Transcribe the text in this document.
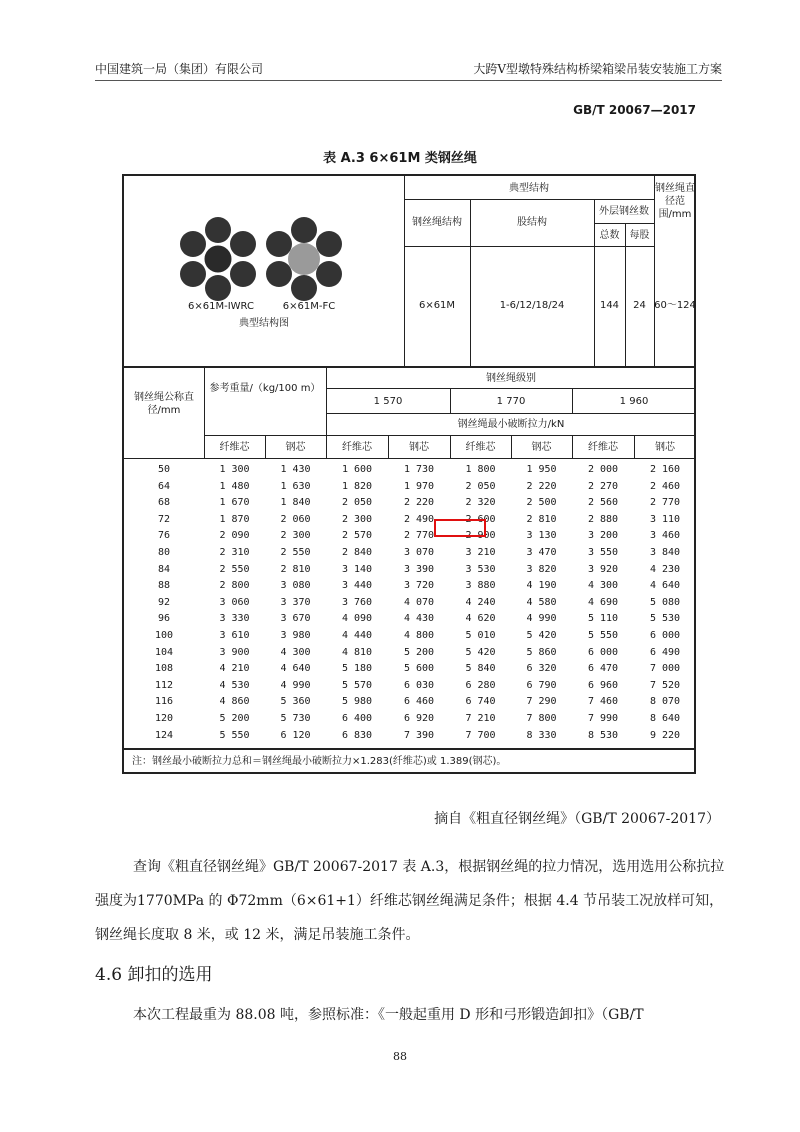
中国建筑一局（集团）有限公司	大跨V型墩特殊结构桥梁箱梁吊装安装施工方案
GB/T 20067—2017
表 A.3 6×61M 类钢丝绳
6×61M-IWRC	6×61M-FC
典型结构图
典型结构
钢丝绳结构	股结构
外层钢丝数
总数	每股
钢丝绳直径范围/mm
6×61M	1-6/12/18/24	144	24 60～124
钢丝绳公称直径/mm
参考重量/（kg/100 m）
钢丝绳级别
1 570	1 770	1 960
钢丝绳最小破断拉力/kN
纤维芯	钢芯	纤维芯	钢芯	纤维芯	钢芯	纤维芯	钢芯
50	1 300	1 430	1 600	1 730	1 800	1 950	2 000	2 160
64	1 480	1 630	1 820	1 970	2 050	2 220	2 270	2 460
68	1 670	1 840	2 050	2 220	2 320	2 500	2 560	2 770
72	1 870	2 060	2 300	2 490	2 600	2 810	2 880	3 110
76	2 090	2 300	2 570	2 770	2 900	3 130	3 200	3 460
80	2 310	2 550	2 840	3 070	3 210	3 470	3 550	3 840
84	2 550	2 810	3 140	3 390	3 530	3 820	3 920	4 230
88	2 800	3 080	3 440	3 720	3 880	4 190	4 300	4 640
92	3 060	3 370	3 760	4 070	4 240	4 580	4 690	5 080
96	3 330	3 670	4 090	4 430	4 620	4 990	5 110	5 530
100	3 610	3 980	4 440	4 800	5 010	5 420	5 550	6 000
104	3 900	4 300	4 810	5 200	5 420	5 860	6 000	6 490
108	4 210	4 640	5 180	5 600	5 840	6 320	6 470	7 000
112	4 530	4 990	5 570	6 030	6 280	6 790	6 960	7 520
116	4 860	5 360	5 980	6 460	6 740	7 290	7 460	8 070
120	5 200	5 730	6 400	6 920	7 210	7 800	7 990	8 640
124	5 550	6 120	6 830	7 390	7 700	8 330	8 530	9 220
注：钢丝最小破断拉力总和＝钢丝绳最小破断拉力×1.283(纤维芯)或 1.389(钢芯)。
摘自《粗直径钢丝绳》（GB/T 20067-2017）
查询《粗直径钢丝绳》GB/T 20067-2017 表 A.3，根据钢丝绳的拉力情况，选用选用公称抗拉强度为1770MPa 的 Φ72mm（6×61+1）纤维芯钢丝绳满足条件；根据 4.4 节吊装工况放样可知，钢丝绳长度取 8 米，或 12 米，满足吊装施工条件。
4.6 卸扣的选用
本次工程最重为 88.08 吨，参照标准：《一般起重用 D 形和弓形锻造卸扣》（GB/T
88
